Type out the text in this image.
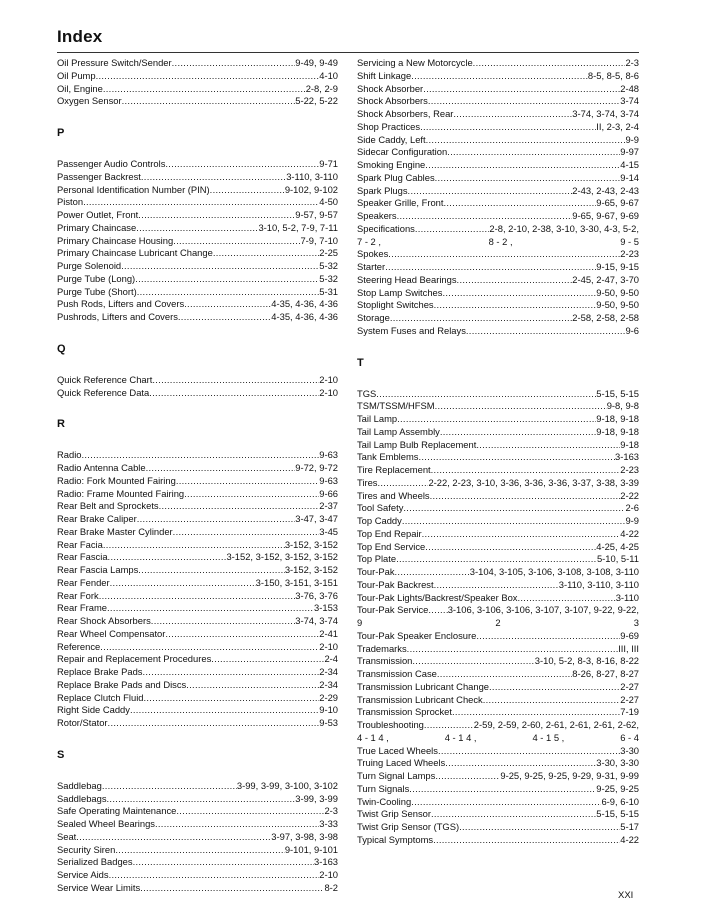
Index
Oil Pressure Switch/Sender .....	9-49, 9-49
Oil Pump .....	4-10
Oil, Engine .....	2-8, 2-9
Oxygen Sensor .....	5-22, 5-22
P
Passenger Audio Controls .....	9-71
Passenger Backrest .....	3-110, 3-110
Personal Identification Number (PIN) .....	9-102, 9-102
Piston .....	4-50
Power Outlet, Front .....	9-57, 9-57
Primary Chaincase .....	3-10, 5-2, 7-9, 7-11
Primary Chaincase Housing .....	7-9, 7-10
Primary Chaincase Lubricant Change .....	2-25
Purge Solenoid .....	5-32
Purge Tube (Long) .....	5-32
Purge Tube (Short) .....	5-31
Push Rods, Lifters and Covers .....	4-35, 4-36, 4-36
Pushrods, Lifters and Covers .....	4-35, 4-36, 4-36
Q
Quick Reference Chart .....	2-10
Quick Reference Data .....	2-10
R
Radio .....	9-63
Radio Antenna Cable .....	9-72, 9-72
Radio: Fork Mounted Fairing .....	9-63
Radio: Frame Mounted Fairing .....	9-66
Rear Belt and Sprockets .....	2-37
Rear Brake Caliper .....	3-47, 3-47
Rear Brake Master Cylinder .....	3-45
Rear Facia .....	3-152, 3-152
Rear Fascia .....	3-152, 3-152, 3-152, 3-152
Rear Fascia Lamps .....	3-152, 3-152
Rear Fender .....	3-150, 3-151, 3-151
Rear Fork .....	3-76, 3-76
Rear Frame .....	3-153
Rear Shock Absorbers .....	3-74, 3-74
Rear Wheel Compensator .....	2-41
Reference .....	2-10
Repair and Replacement Procedures .....	2-4
Replace Brake Pads .....	2-34
Replace Brake Pads and Discs .....	2-34
Replace Clutch Fluid .....	2-29
Right Side Caddy .....	9-10
Rotor/Stator .....	9-53
S
Saddlebag .....	3-99, 3-99, 3-100, 3-102
Saddlebags .....	3-99, 3-99
Safe Operating Maintenance .....	2-3
Sealed Wheel Bearings .....	3-33
Seat .....	3-97, 3-98, 3-98
Security Siren .....	9-101, 9-101
Serialized Badges .....	3-163
Service Aids .....	2-10
Service Wear Limits .....	8-2
Servicing a New Motorcycle .....	2-3
Shift Linkage .....	8-5, 8-5, 8-6
Shock Absorber .....	2-48
Shock Absorbers .....	3-74
Shock Absorbers, Rear .....	3-74, 3-74, 3-74
Shop Practices .....	II, 2-3, 2-4
Side Caddy, Left .....	9-9
Sidecar Configuration .....	9-97
Smoking Engine .....	4-15
Spark Plug Cables .....	9-14
Spark Plugs .....	2-43, 2-43, 2-43
Speaker Grille, Front .....	9-65, 9-67
Speakers .....	9-65, 9-67, 9-69
Specifications .....	2-8, 2-10, 2-38, 3-10, 3-30, 4-3, 5-2,
7 - 2 ,	8 - 2 ,	9 - 5
Spokes .....	2-23
Starter .....	9-15, 9-15
Steering Head Bearings .....	2-45, 2-47, 3-70
Stop Lamp Switches .....	9-50, 9-50
Stoplight Switches .....	9-50, 9-50
Storage .....	2-58, 2-58, 2-58
System Fuses and Relays .....	9-6
T
TGS .....	5-15, 5-15
TSM/TSSM/HFSM .....	9-8, 9-8
Tail Lamp .....	9-18, 9-18
Tail Lamp Assembly .....	9-18, 9-18
Tail Lamp Bulb Replacement .....	9-18
Tank Emblems .....	3-163
Tire Replacement .....	2-23
Tires .....	2-22, 2-23, 3-10, 3-36, 3-36, 3-36, 3-37, 3-38, 3-39
Tires and Wheels .....	2-22
Tool Safety .....	2-6
Top Caddy .....	9-9
Top End Repair .....	4-22
Top End Service .....	4-25, 4-25
Top Plate .....	5-10, 5-11
Tour-Pak .....	3-104, 3-105, 3-106, 3-108, 3-108, 3-110
Tour-Pak Backrest .....	3-110, 3-110, 3-110
Tour-Pak Lights/Backrest/Speaker Box .....	3-110
Tour-Pak Service ..... 3-106, 3-106, 3-106, 3-107, 3-107, 9-22, 9-22,
9	2	3
Tour-Pak Speaker Enclosure .....	9-69
Trademarks .....	III, III
Transmission .....	3-10, 5-2, 8-3, 8-16, 8-22
Transmission Case .....	8-26, 8-27, 8-27
Transmission Lubricant Change .....	2-27
Transmission Lubricant Check .....	2-27
Transmission Sprocket .....	7-19
Troubleshooting .....	2-59, 2-59, 2-60, 2-61, 2-61, 2-61, 2-62,
4 - 1 4 ,	4 - 1 4 ,	4 - 1 5 ,	6 - 4
True Laced Wheels .....	3-30
Truing Laced Wheels .....	3-30, 3-30
Turn Signal Lamps .....	9-25, 9-25, 9-25, 9-29, 9-31, 9-99
Turn Signals .....	9-25, 9-25
Twin-Cooling .....	6-9, 6-10
Twist Grip Sensor .....	5-15, 5-15
Twist Grip Sensor (TGS) .....	5-17
Typical Symptoms .....	4-22
XXI
